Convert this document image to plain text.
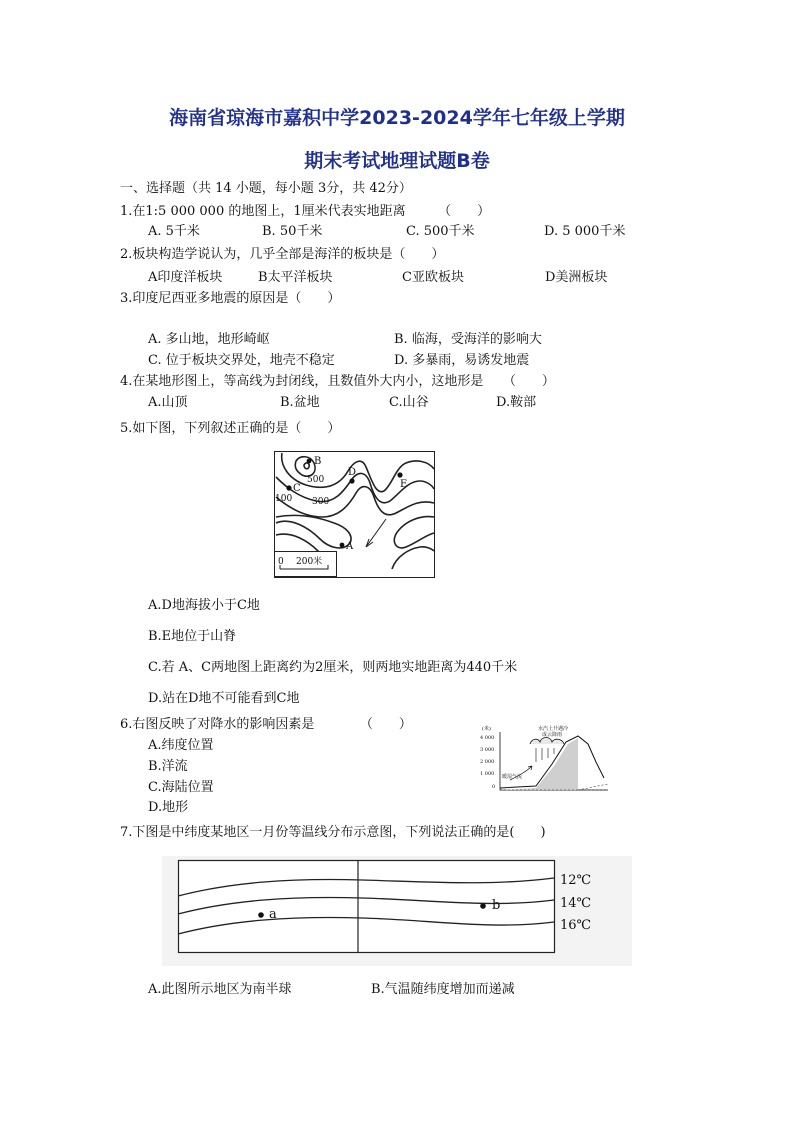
海南省琼海市嘉积中学2023-2024学年七年级上学期
期末考试地理试题B卷
一、选择题（共 14 小题，每小题 3分，共 42分）
1.在1:5 000 000 的地图上，1厘米代表实地距离　　　（　　）
A. 5千米	B. 50千米	C. 500千米	D. 5 000千米
2.板块构造学说认为，几乎全部是海洋的板块是（　　）
A印度洋板块	B太平洋板块	C亚欧板块	D美洲板块
3.印度尼西亚多地震的原因是（　　）
A. 多山地，地形崎岖	B. 临海，受海洋的影响大
C. 位于板块交界处，地壳不稳定	D. 多暴雨，易诱发地震
4.在某地形图上，等高线为封闭线，且数值外大内小，这地形是　　（　　）
A.山顶	B.盆地	C.山谷	D.鞍部
5.如下图，下列叙述正确的是（　　）
B
D
E
C
A
500
300
100
0 200米
A.D地海拔小于C地
B.E地位于山脊
C.若 A、C两地图上距离约为2厘米，则两地实地距离为440千米
D.站在D地不可能看到C地
6.右图反映了对降水的影响因素是　　　　（　　）
A.纬度位置
B.洋流
C.海陆位置
D.地形
(米)
4 000
3 000
2 000
1 000
0
水汽上升遇冷
成云降雨
暖湿气流
7.下图是中纬度某地区一月份等温线分布示意图，下列说法正确的是(　　)
a
b
12℃
14℃
16℃
A.此图所示地区为南半球	B.气温随纬度增加而递减
